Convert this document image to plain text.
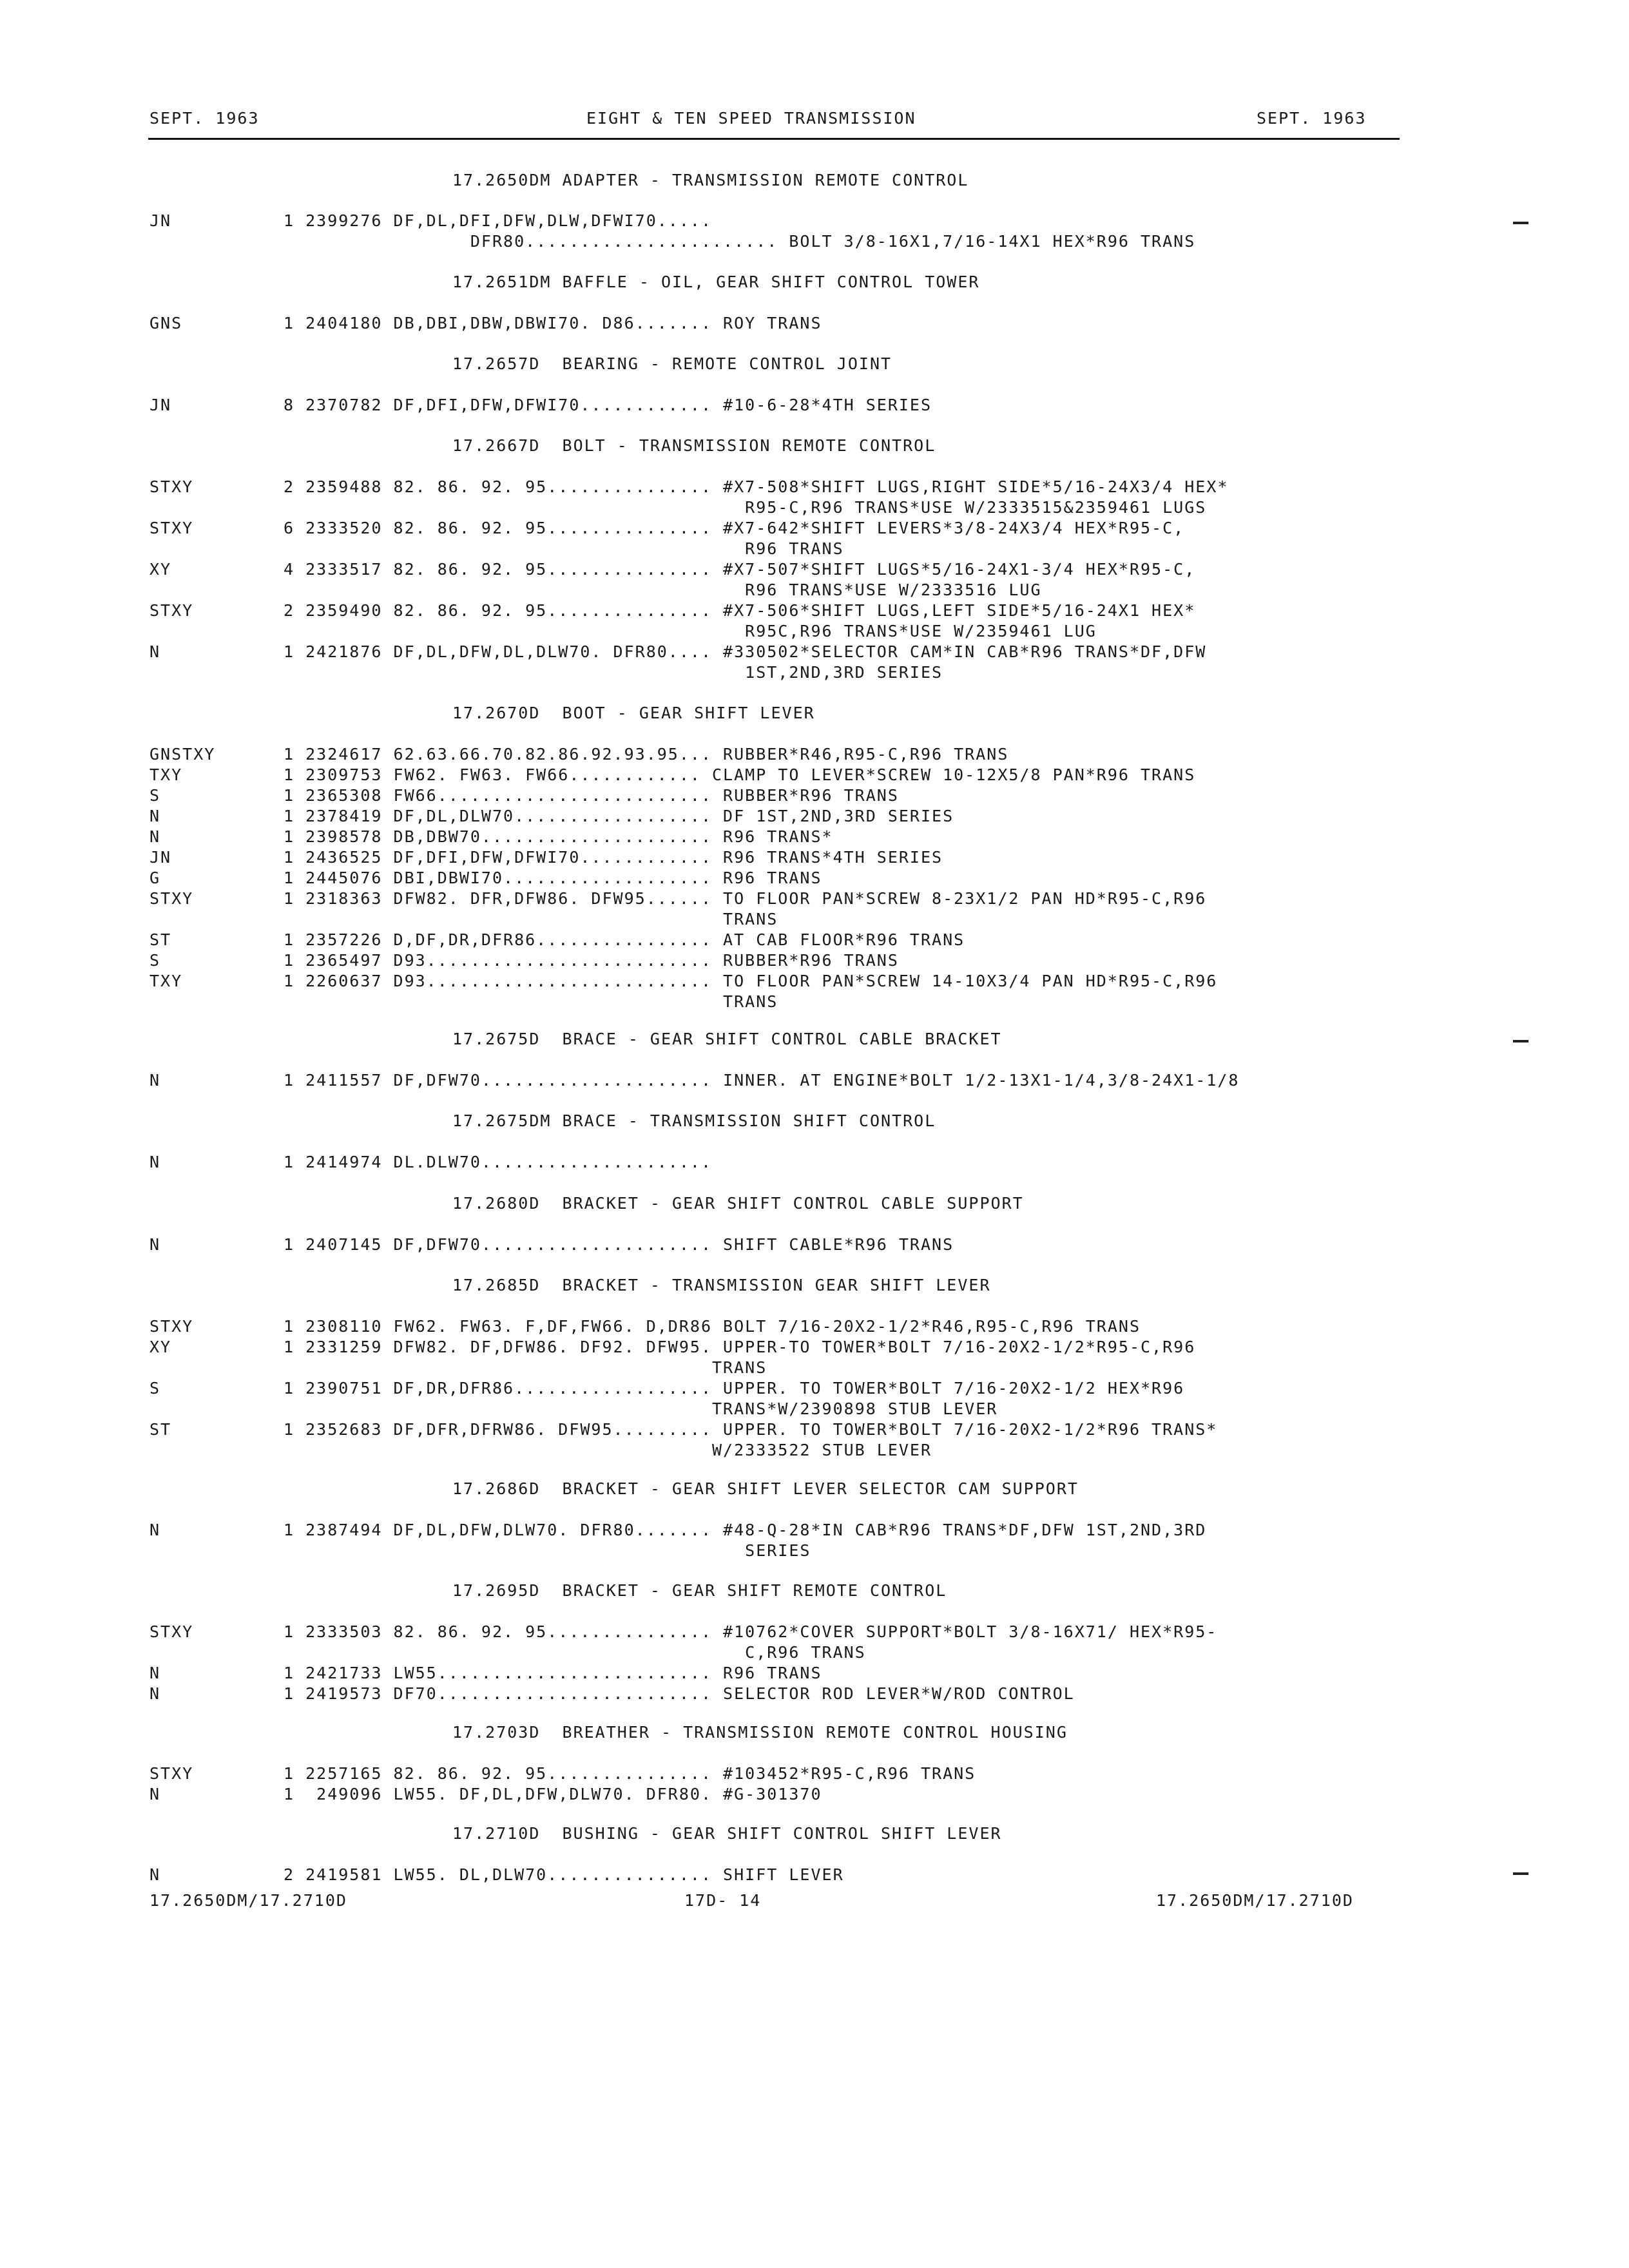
SEPT. 1963	EIGHT & TEN SPEED TRANSMISSION	SEPT. 1963
17.2650DM ADAPTER - TRANSMISSION REMOTE CONTROL
17.2651DM BAFFLE - OIL, GEAR SHIFT CONTROL TOWER
17.2657D  BEARING - REMOTE CONTROL JOINT
17.2667D  BOLT - TRANSMISSION REMOTE CONTROL
17.2670D  BOOT - GEAR SHIFT LEVER
17.2675D  BRACE - GEAR SHIFT CONTROL CABLE BRACKET
17.2675DM BRACE - TRANSMISSION SHIFT CONTROL
17.2680D  BRACKET - GEAR SHIFT CONTROL CABLE SUPPORT
17.2685D  BRACKET - TRANSMISSION GEAR SHIFT LEVER
17.2686D  BRACKET - GEAR SHIFT LEVER SELECTOR CAM SUPPORT
17.2695D  BRACKET - GEAR SHIFT REMOTE CONTROL
17.2703D  BREATHER - TRANSMISSION REMOTE CONTROL HOUSING
17.2710D  BUSHING - GEAR SHIFT CONTROL SHIFT LEVER
JN	1 2399276 DF,DL,DFI,DFW,DLW,DFWI70.....
DFR80....................... BOLT 3/8-16X1,7/16-14X1 HEX*R96 TRANS
GNS	1 2404180 DB,DBI,DBW,DBWI70. D86....... ROY TRANS
JN	8 2370782 DF,DFI,DFW,DFWI70............ #10-6-28*4TH SERIES
STXY	2 2359488 82. 86. 92. 95............... #X7-508*SHIFT LUGS,RIGHT SIDE*5/16-24X3/4 HEX*
R95-C,R96 TRANS*USE W/2333515&2359461 LUGS
STXY	6 2333520 82. 86. 92. 95............... #X7-642*SHIFT LEVERS*3/8-24X3/4 HEX*R95-C,
R96 TRANS
XY	4 2333517 82. 86. 92. 95............... #X7-507*SHIFT LUGS*5/16-24X1-3/4 HEX*R95-C,
R96 TRANS*USE W/2333516 LUG
STXY	2 2359490 82. 86. 92. 95............... #X7-506*SHIFT LUGS,LEFT SIDE*5/16-24X1 HEX*
R95C,R96 TRANS*USE W/2359461 LUG
N	1 2421876 DF,DL,DFW,DL,DLW70. DFR80.... #330502*SELECTOR CAM*IN CAB*R96 TRANS*DF,DFW
1ST,2ND,3RD SERIES
GNSTXY	1 2324617 62.63.66.70.82.86.92.93.95... RUBBER*R46,R95-C,R96 TRANS
TXY	1 2309753 FW62. FW63. FW66............ CLAMP TO LEVER*SCREW 10-12X5/8 PAN*R96 TRANS
S	1 2365308 FW66......................... RUBBER*R96 TRANS
N	1 2378419 DF,DL,DLW70.................. DF 1ST,2ND,3RD SERIES
N	1 2398578 DB,DBW70..................... R96 TRANS*
JN	1 2436525 DF,DFI,DFW,DFWI70............ R96 TRANS*4TH SERIES
G	1 2445076 DBI,DBWI70................... R96 TRANS
STXY	1 2318363 DFW82. DFR,DFW86. DFW95...... TO FLOOR PAN*SCREW 8-23X1/2 PAN HD*R95-C,R96
TRANS
ST	1 2357226 D,DF,DR,DFR86................ AT CAB FLOOR*R96 TRANS
S	1 2365497 D93.......................... RUBBER*R96 TRANS
TXY	1 2260637 D93.......................... TO FLOOR PAN*SCREW 14-10X3/4 PAN HD*R95-C,R96
TRANS
N	1 2411557 DF,DFW70..................... INNER. AT ENGINE*BOLT 1/2-13X1-1/4,3/8-24X1-1/8
N	1 2414974 DL.DLW70.....................
N	1 2407145 DF,DFW70..................... SHIFT CABLE*R96 TRANS
STXY	1 2308110 FW62. FW63. F,DF,FW66. D,DR86 BOLT 7/16-20X2-1/2*R46,R95-C,R96 TRANS
XY	1 2331259 DFW82. DF,DFW86. DF92. DFW95. UPPER-TO TOWER*BOLT 7/16-20X2-1/2*R95-C,R96
TRANS
S	1 2390751 DF,DR,DFR86.................. UPPER. TO TOWER*BOLT 7/16-20X2-1/2 HEX*R96
TRANS*W/2390898 STUB LEVER
ST	1 2352683 DF,DFR,DFRW86. DFW95......... UPPER. TO TOWER*BOLT 7/16-20X2-1/2*R96 TRANS*
W/2333522 STUB LEVER
N	1 2387494 DF,DL,DFW,DLW70. DFR80....... #48-Q-28*IN CAB*R96 TRANS*DF,DFW 1ST,2ND,3RD
SERIES
STXY	1 2333503 82. 86. 92. 95............... #10762*COVER SUPPORT*BOLT 3/8-16X71/ HEX*R95-
C,R96 TRANS
N	1 2421733 LW55......................... R96 TRANS
N	1 2419573 DF70......................... SELECTOR ROD LEVER*W/ROD CONTROL
STXY	1 2257165 82. 86. 92. 95............... #103452*R95-C,R96 TRANS
N	1  249096 LW55. DF,DL,DFW,DLW70. DFR80. #G-301370
N	2 2419581 LW55. DL,DLW70............... SHIFT LEVER
17.2650DM/17.2710D	17D- 14	17.2650DM/17.2710D
